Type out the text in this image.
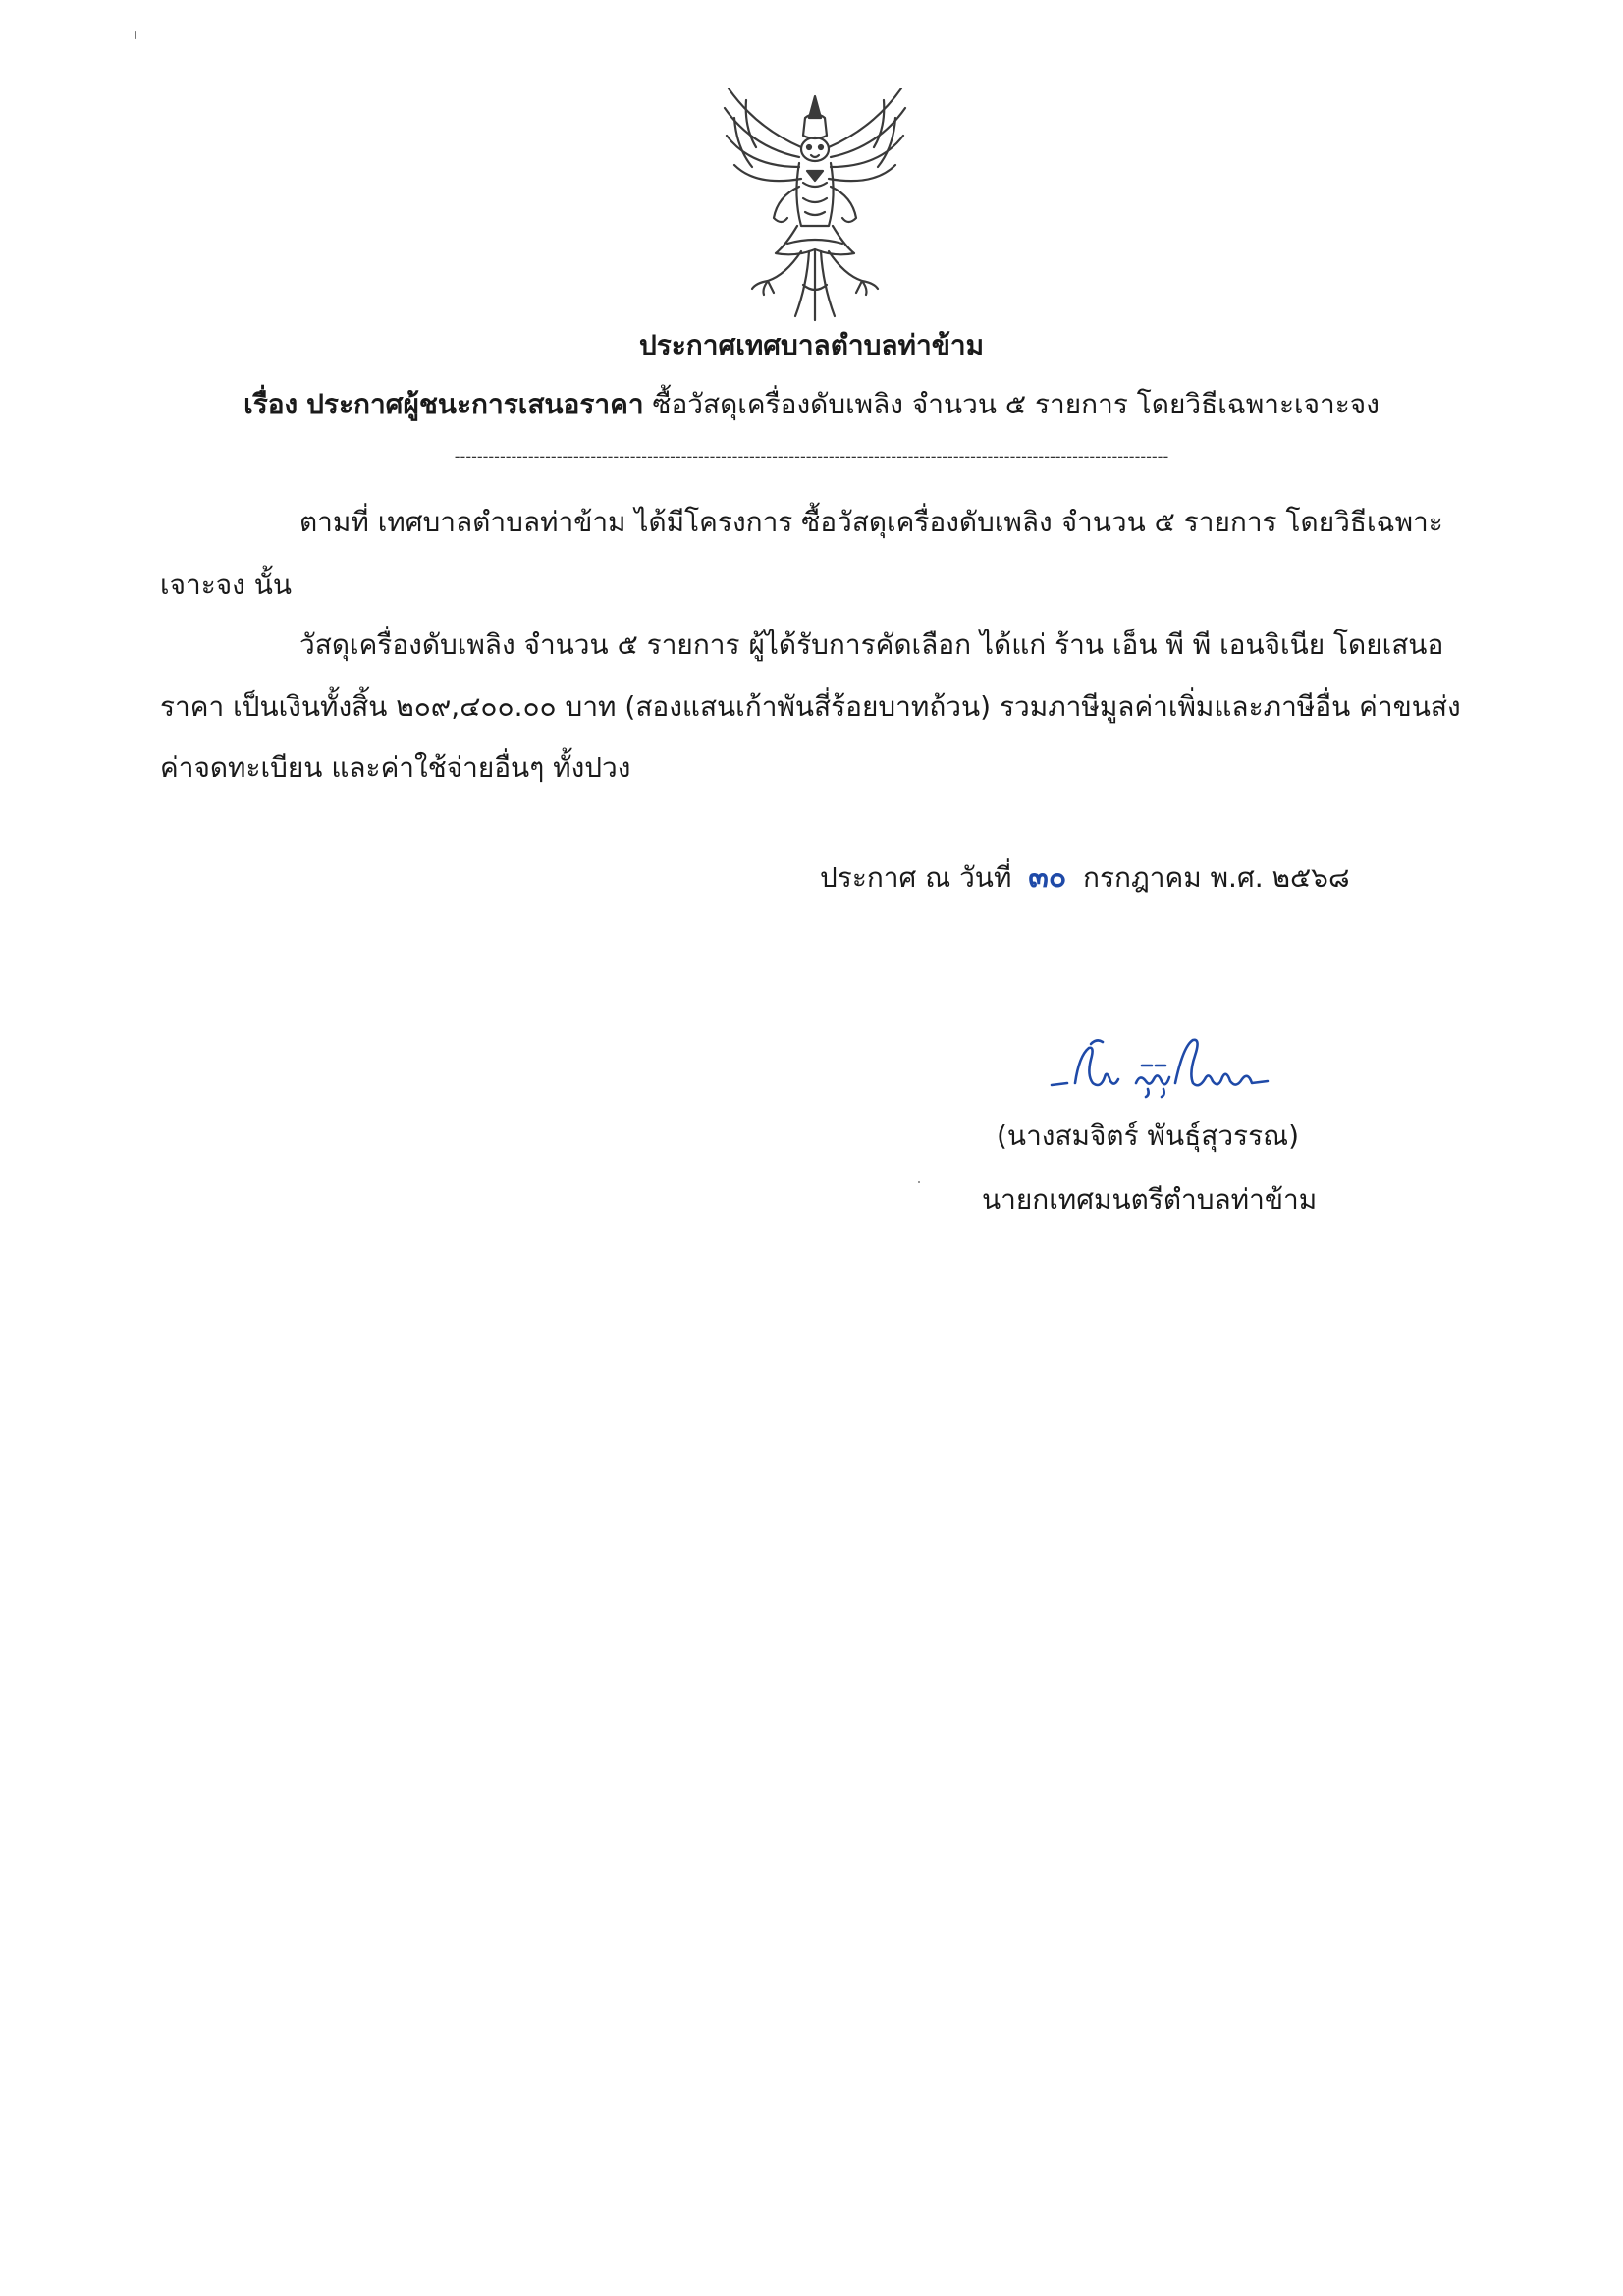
ประกาศเทศบาลตำบลท่าข้าม
เรื่อง ประกาศผู้ชนะการเสนอราคา ซื้อวัสดุเครื่องดับเพลิง จำนวน ๕ รายการ โดยวิธีเฉพาะเจาะจง
------------------------------------------------------------------------------------------------------------------------------
ตามที่ เทศบาลตำบลท่าข้าม ได้มีโครงการ ซื้อวัสดุเครื่องดับเพลิง จำนวน ๕ รายการ โดยวิธีเฉพาะ
เจาะจง นั้น
วัสดุเครื่องดับเพลิง จำนวน ๕ รายการ ผู้ได้รับการคัดเลือก ได้แก่ ร้าน เอ็น พี พี เอนจิเนีย โดยเสนอ
ราคา เป็นเงินทั้งสิ้น ๒๐๙,๔๐๐.๐๐ บาท (สองแสนเก้าพันสี่ร้อยบาทถ้วน) รวมภาษีมูลค่าเพิ่มและภาษีอื่น ค่าขนส่ง
ค่าจดทะเบียน และค่าใช้จ่ายอื่นๆ ทั้งปวง
ประกาศ ณ วันที่ ๓๐ กรกฎาคม พ.ศ. ๒๕๖๘
(นางสมจิตร์ พันธุ์สุวรรณ)
นายกเทศมนตรีตำบลท่าข้าม
